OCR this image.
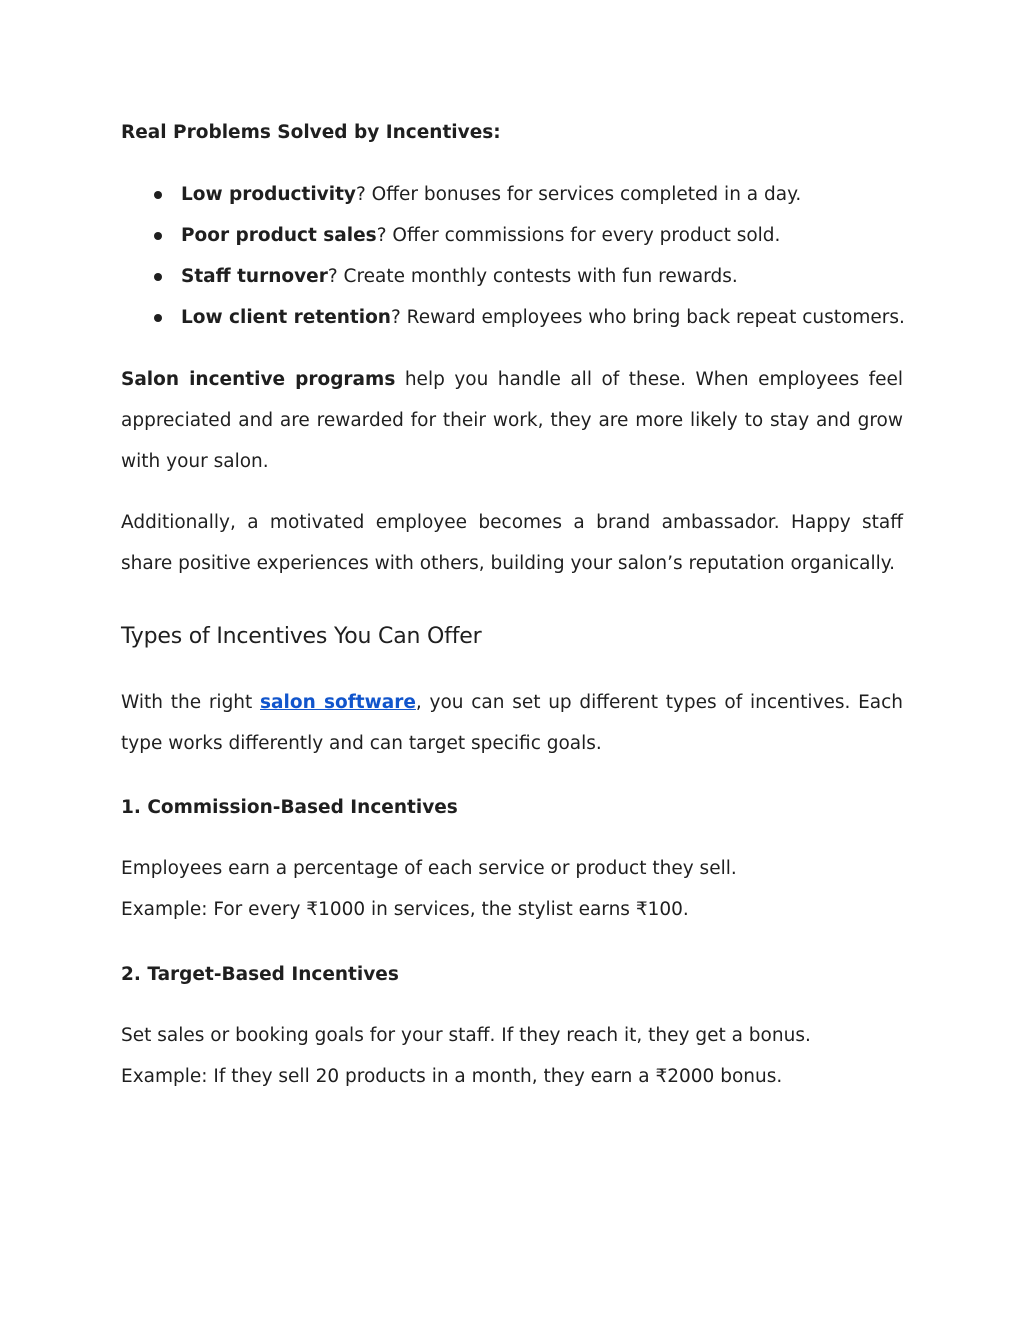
Real Problems Solved by Incentives:
Low productivity? Offer bonuses for services completed in a day.
Poor product sales? Offer commissions for every product sold.
Staff turnover? Create monthly contests with fun rewards.
Low client retention? Reward employees who bring back repeat customers.

Salon incentive programs help you handle all of these. When employees feel appreciated and are rewarded for their work, they are more likely to stay and grow with your salon.

Additionally, a motivated employee becomes a brand ambassador. Happy staff share positive experiences with others, building your salon’s reputation organically.

Types of Incentives You Can Offer

With the right salon software, you can set up different types of incentives. Each type works differently and can target specific goals.

1. Commission-Based Incentives

Employees earn a percentage of each service or product they sell.

Example: For every ₹1000 in services, the stylist earns ₹100.

2. Target-Based Incentives

Set sales or booking goals for your staff. If they reach it, they get a bonus.

Example: If they sell 20 products in a month, they earn a ₹2000 bonus.
